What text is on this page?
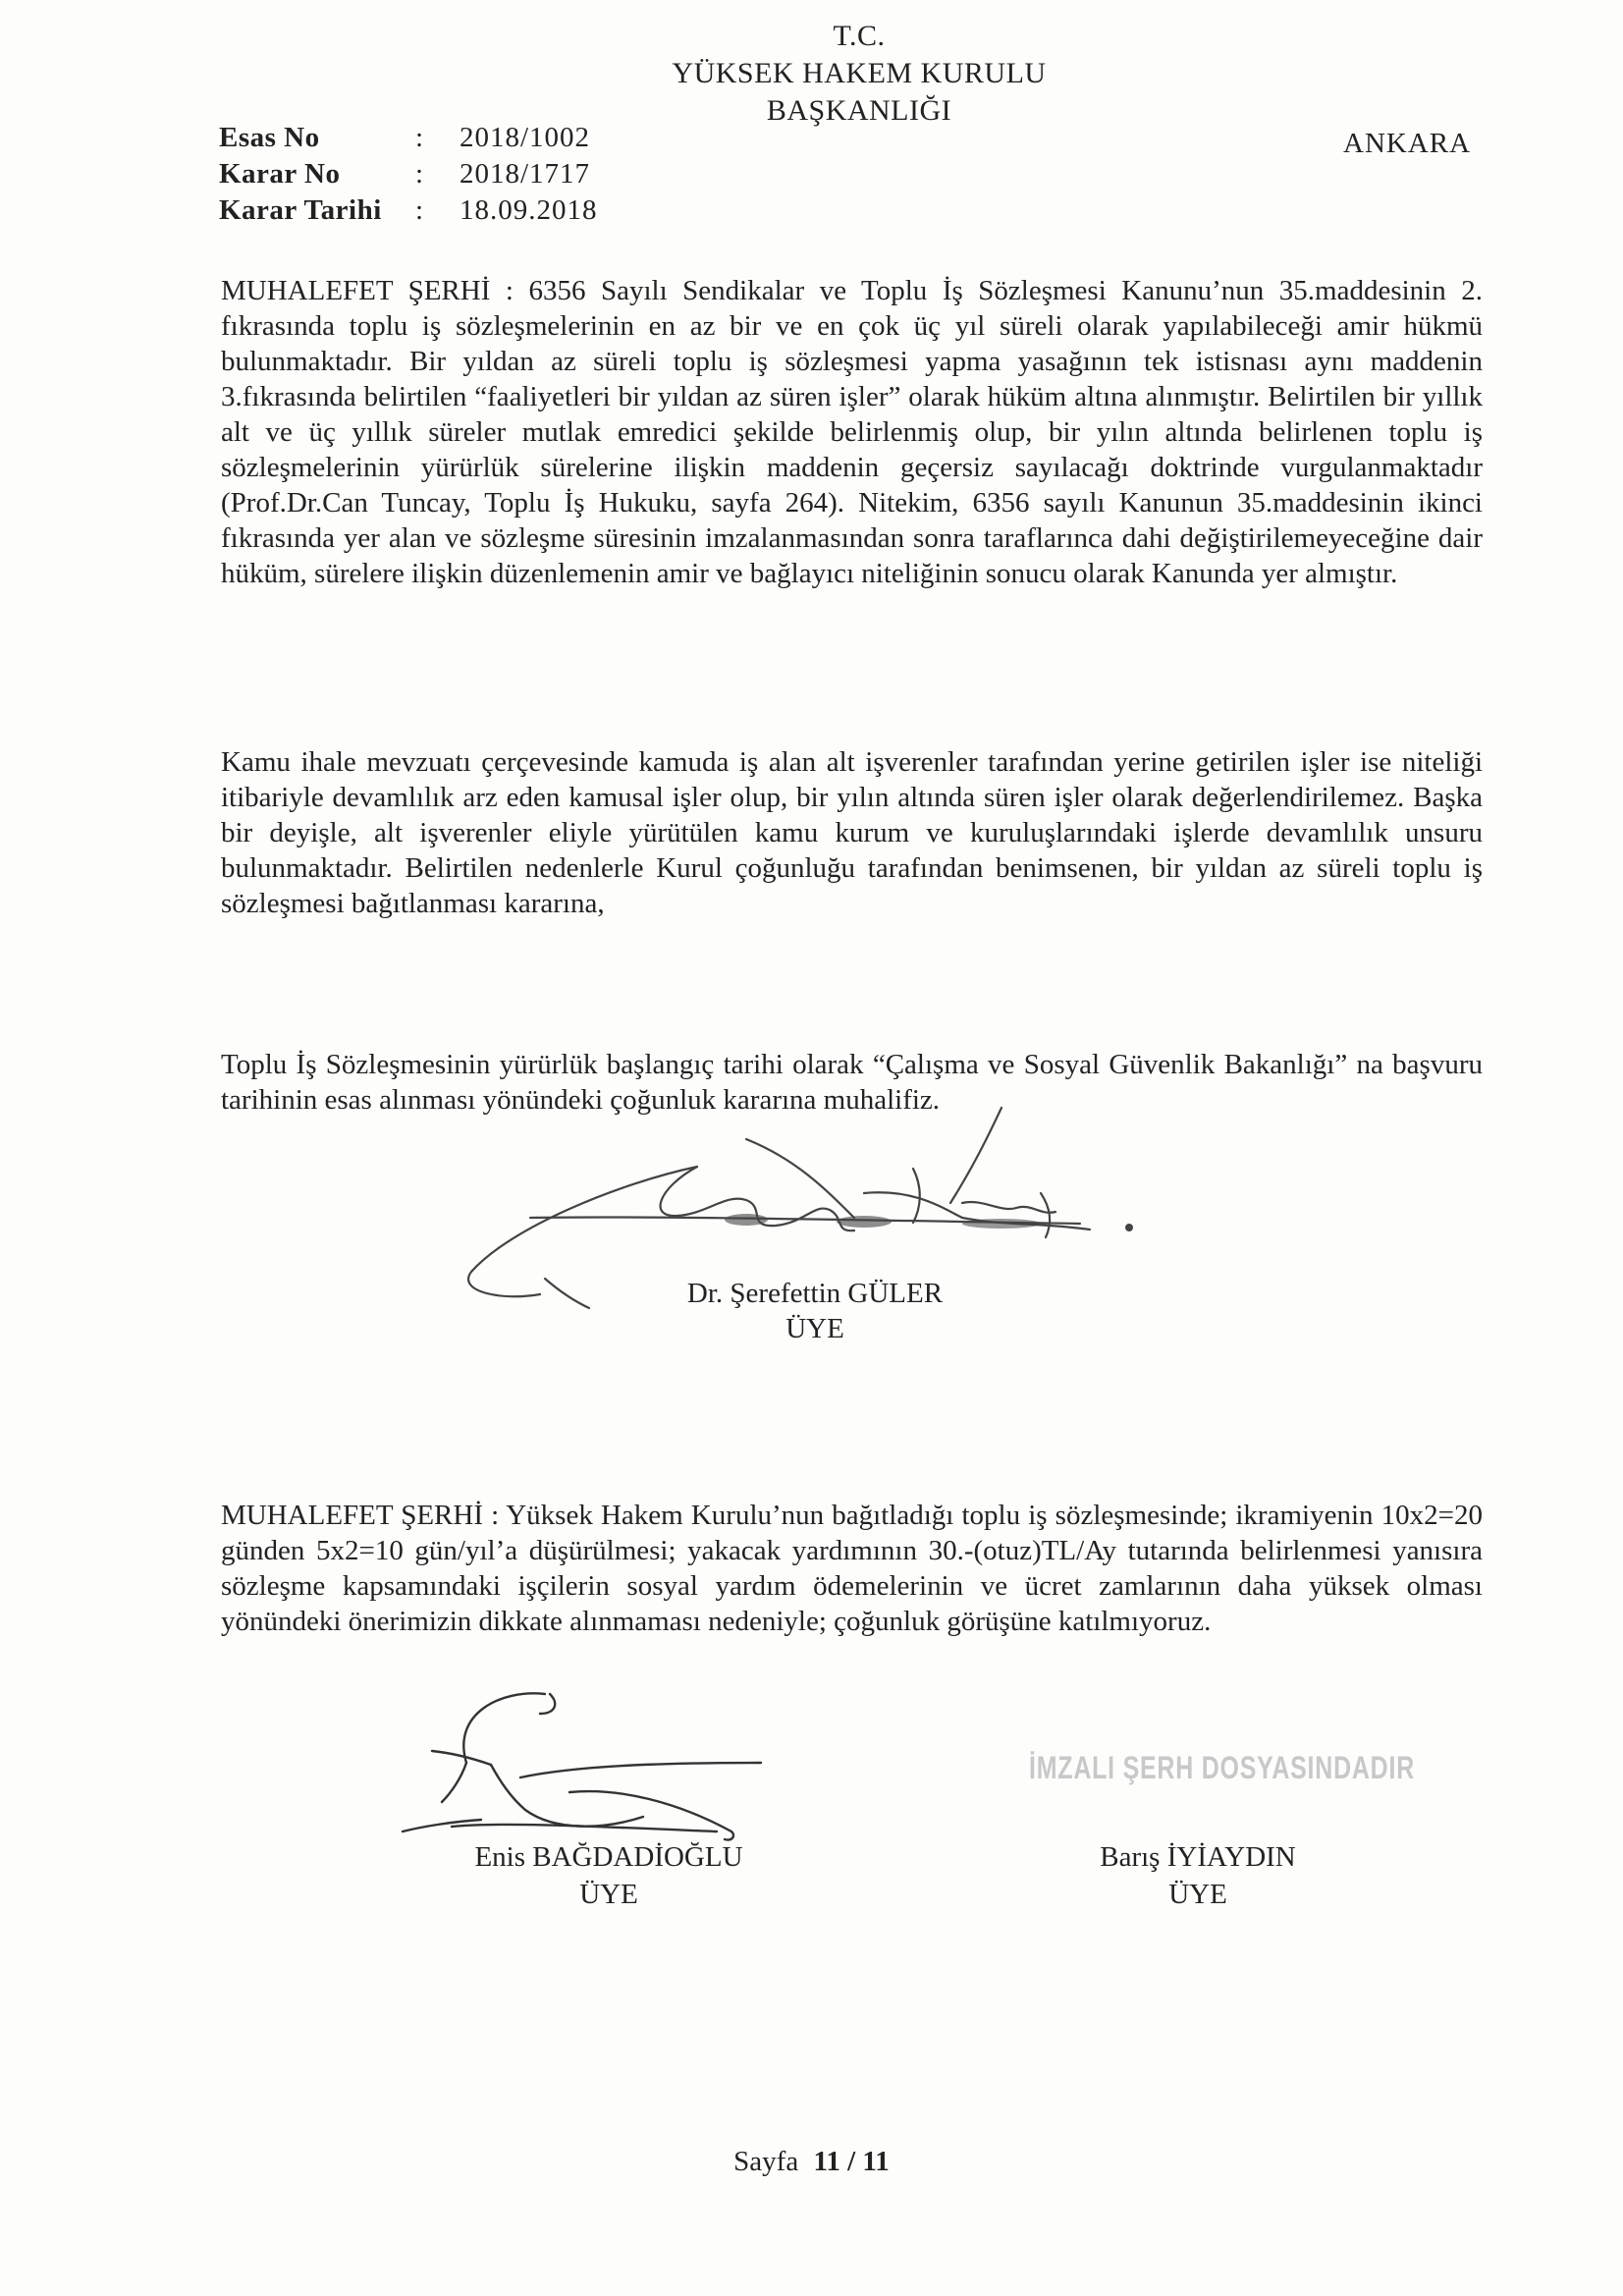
T.C.
YÜKSEK HAKEM KURULU
BAŞKANLIĞI
Esas No	:	2018/1002
Karar No	:	2018/1717
Karar Tarihi	:	18.09.2018
ANKARA

MUHALEFET ŞERHİ : 6356 Sayılı Sendikalar ve Toplu İş Sözleşmesi Kanunu’nun 35.maddesinin 2. fıkrasında toplu iş sözleşmelerinin en az bir ve en çok üç yıl süreli olarak yapılabileceği amir hükmü bulunmaktadır. Bir yıldan az süreli toplu iş sözleşmesi yapma yasağının tek istisnası aynı maddenin 3.fıkrasında belirtilen “faaliyetleri bir yıldan az süren işler” olarak hüküm altına alınmıştır. Belirtilen bir yıllık alt ve üç yıllık süreler mutlak emredici şekilde belirlenmiş olup, bir yılın altında belirlenen toplu iş sözleşmelerinin yürürlük sürelerine ilişkin maddenin geçersiz sayılacağı doktrinde vurgulanmaktadır (Prof.Dr.Can Tuncay, Toplu İş Hukuku, sayfa 264). Nitekim, 6356 sayılı Kanunun 35.maddesinin ikinci fıkrasında yer alan ve sözleşme süresinin imzalanmasından sonra taraflarınca dahi değiştirilemeyeceğine dair hüküm, sürelere ilişkin düzenlemenin amir ve bağlayıcı niteliğinin sonucu olarak Kanunda yer almıştır.

Kamu ihale mevzuatı çerçevesinde kamuda iş alan alt işverenler tarafından yerine getirilen işler ise niteliği itibariyle devamlılık arz eden kamusal işler olup, bir yılın altında süren işler olarak değerlendirilemez. Başka bir deyişle, alt işverenler eliyle yürütülen kamu kurum ve kuruluşlarındaki işlerde devamlılık unsuru bulunmaktadır. Belirtilen nedenlerle Kurul çoğunluğu tarafından benimsenen, bir yıldan az süreli toplu iş sözleşmesi bağıtlanması kararına,

Toplu İş Sözleşmesinin yürürlük başlangıç tarihi olarak “Çalışma ve Sosyal Güvenlik Bakanlığı” na başvuru tarihinin esas alınması yönündeki çoğunluk kararına muhalifiz.

Dr. Şerefettin GÜLER
ÜYE

MUHALEFET ŞERHİ : Yüksek Hakem Kurulu’nun bağıtladığı toplu iş sözleşmesinde; ikramiyenin 10x2=20 günden 5x2=10 gün/yıl’a düşürülmesi; yakacak yardımının 30.-(otuz)TL/Ay tutarında belirlenmesi yanısıra sözleşme kapsamındaki işçilerin sosyal yardım ödemelerinin ve ücret zamlarının daha yüksek olması yönündeki önerimizin dikkate alınmaması nedeniyle; çoğunluk görüşüne katılmıyoruz.

Enis BAĞDADİOĞLU
ÜYE
İMZALI ŞERH DOSYASINDADIR
Barış İYİAYDIN
ÜYE
Sayfa 11 / 11
